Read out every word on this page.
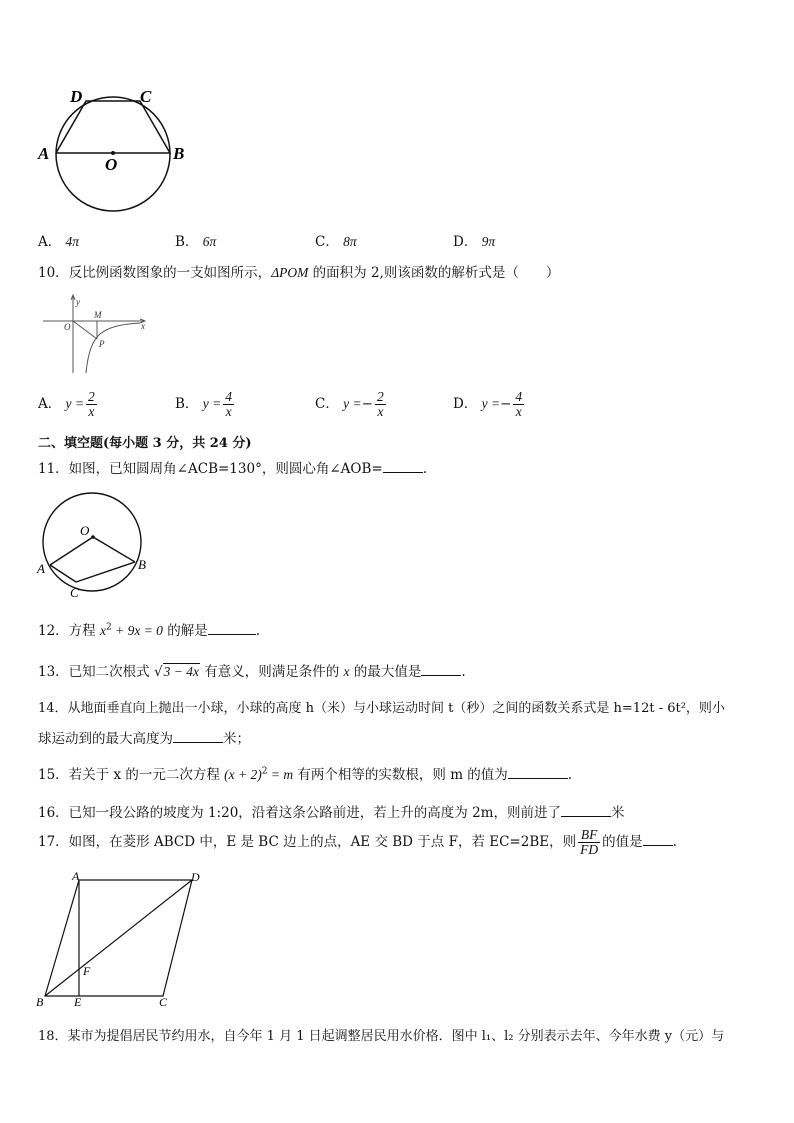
D	C
A	B
O
A． 4π	B． 6π	C． 8π	D． 9π
10．反比例函数图象的一支如图所示，ΔPOM 的面积为 2,则该函数的解析式是（　　）
y
x
O
M
P
A． $y = \frac{2}{x}$	B． $y = \frac{4}{x}$	C． $y =- \frac{2}{x}$	D． $y =- \frac{4}{x}$
二、填空题(每小题 3 分，共 24 分)
11．如图，已知圆周角∠ACB=130°，则圆心角∠AOB=	.
O
A	B
C
12．方程 $x^2 + 9x = 0$ 的解是	.
13．已知二次根式 √3 − 4x 有意义，则满足条件的 x 的最大值是	.
14．从地面垂直向上抛出一小球，小球的高度 h（米）与小球运动时间 t（秒）之间的函数关系式是 h=12t - 6t²，则小
球运动到的最大高度为	米；
15．若关于 x 的一元二次方程 $(x + 2)^2 = m$ 有两个相等的实数根，则 m 的值为	.
16．已知一段公路的坡度为 1:20，沿着这条公路前进，若上升的高度为 2m，则前进了	米
17．如图，在菱形 ABCD 中，E 是 BC 边上的点，AE 交 BD 于点 F，若 EC=2BE，则 $\frac{BF}{FD}$ 的值是 .
A	D
F
B	E	C
18．某市为提倡居民节约用水，自今年 1 月 1 日起调整居民用水价格．图中 l₁、l₂ 分别表示去年、今年水费 y（元）与
